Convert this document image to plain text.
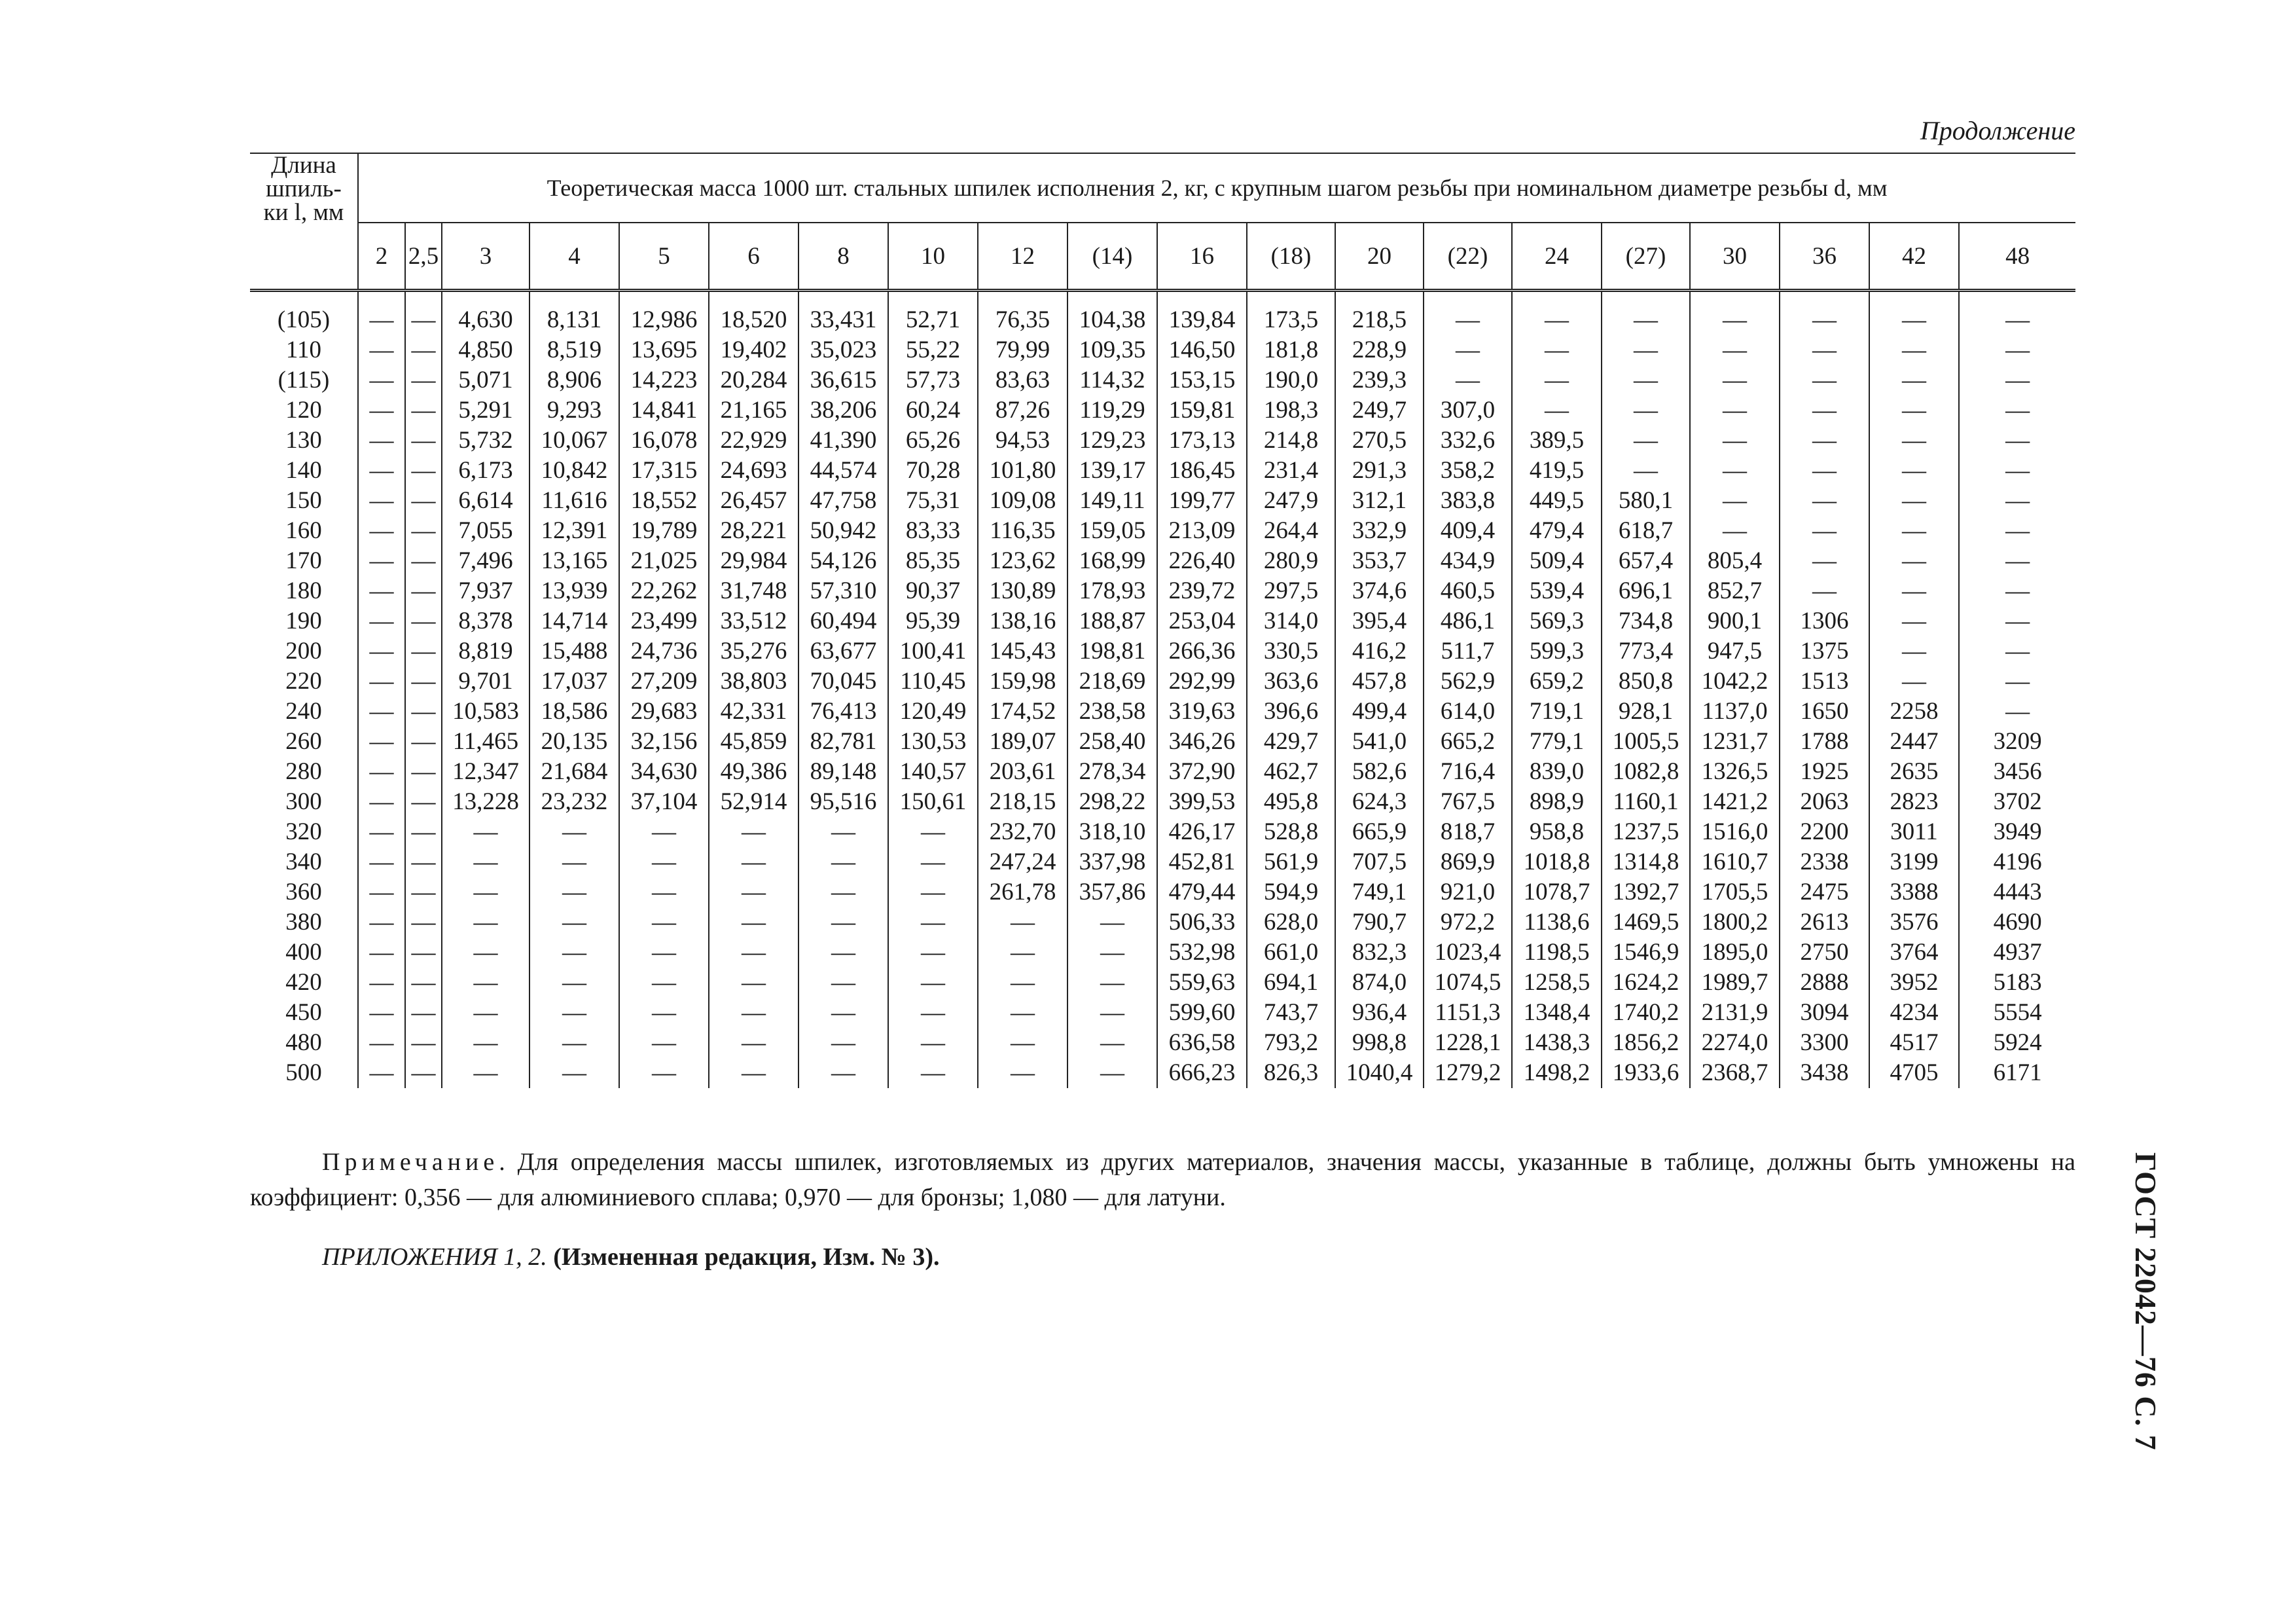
Продолжение
Длина
шпиль-
ки l, мм	Теоретическая масса 1000 шт. стальных шпилек исполнения 2, кг, с крупным шагом резьбы при номинальном диаметре резьбы d, мм																			
	2	2,5	3	4	5	6	8	10	12	(14)	16	(18)	20	(22)	24	(27)	30	36	42	48

(105)	—	—	4,630	8,131	12,986	18,520	33,431	52,71	76,35	104,38	139,84	173,5	218,5	—	—	—	—	—	—	—
110	—	—	4,850	8,519	13,695	19,402	35,023	55,22	79,99	109,35	146,50	181,8	228,9	—	—	—	—	—	—	—
(115)	—	—	5,071	8,906	14,223	20,284	36,615	57,73	83,63	114,32	153,15	190,0	239,3	—	—	—	—	—	—	—
120	—	—	5,291	9,293	14,841	21,165	38,206	60,24	87,26	119,29	159,81	198,3	249,7	307,0	—	—	—	—	—	—
130	—	—	5,732	10,067	16,078	22,929	41,390	65,26	94,53	129,23	173,13	214,8	270,5	332,6	389,5	—	—	—	—	—
140	—	—	6,173	10,842	17,315	24,693	44,574	70,28	101,80	139,17	186,45	231,4	291,3	358,2	419,5	—	—	—	—	—
150	—	—	6,614	11,616	18,552	26,457	47,758	75,31	109,08	149,11	199,77	247,9	312,1	383,8	449,5	580,1	—	—	—	—
160	—	—	7,055	12,391	19,789	28,221	50,942	83,33	116,35	159,05	213,09	264,4	332,9	409,4	479,4	618,7	—	—	—	—
170	—	—	7,496	13,165	21,025	29,984	54,126	85,35	123,62	168,99	226,40	280,9	353,7	434,9	509,4	657,4	805,4	—	—	—
180	—	—	7,937	13,939	22,262	31,748	57,310	90,37	130,89	178,93	239,72	297,5	374,6	460,5	539,4	696,1	852,7	—	—	—
190	—	—	8,378	14,714	23,499	33,512	60,494	95,39	138,16	188,87	253,04	314,0	395,4	486,1	569,3	734,8	900,1	1306	—	—
200	—	—	8,819	15,488	24,736	35,276	63,677	100,41	145,43	198,81	266,36	330,5	416,2	511,7	599,3	773,4	947,5	1375	—	—
220	—	—	9,701	17,037	27,209	38,803	70,045	110,45	159,98	218,69	292,99	363,6	457,8	562,9	659,2	850,8	1042,2	1513	—	—
240	—	—	10,583	18,586	29,683	42,331	76,413	120,49	174,52	238,58	319,63	396,6	499,4	614,0	719,1	928,1	1137,0	1650	2258	—
260	—	—	11,465	20,135	32,156	45,859	82,781	130,53	189,07	258,40	346,26	429,7	541,0	665,2	779,1	1005,5	1231,7	1788	2447	3209
280	—	—	12,347	21,684	34,630	49,386	89,148	140,57	203,61	278,34	372,90	462,7	582,6	716,4	839,0	1082,8	1326,5	1925	2635	3456
300	—	—	13,228	23,232	37,104	52,914	95,516	150,61	218,15	298,22	399,53	495,8	624,3	767,5	898,9	1160,1	1421,2	2063	2823	3702
320	—	—	—	—	—	—	—	—	232,70	318,10	426,17	528,8	665,9	818,7	958,8	1237,5	1516,0	2200	3011	3949
340	—	—	—	—	—	—	—	—	247,24	337,98	452,81	561,9	707,5	869,9	1018,8	1314,8	1610,7	2338	3199	4196
360	—	—	—	—	—	—	—	—	261,78	357,86	479,44	594,9	749,1	921,0	1078,7	1392,7	1705,5	2475	3388	4443
380	—	—	—	—	—	—	—	—	—	—	506,33	628,0	790,7	972,2	1138,6	1469,5	1800,2	2613	3576	4690
400	—	—	—	—	—	—	—	—	—	—	532,98	661,0	832,3	1023,4	1198,5	1546,9	1895,0	2750	3764	4937
420	—	—	—	—	—	—	—	—	—	—	559,63	694,1	874,0	1074,5	1258,5	1624,2	1989,7	2888	3952	5183
450	—	—	—	—	—	—	—	—	—	—	599,60	743,7	936,4	1151,3	1348,4	1740,2	2131,9	3094	4234	5554
480	—	—	—	—	—	—	—	—	—	—	636,58	793,2	998,8	1228,1	1438,3	1856,2	2274,0	3300	4517	5924
500	—	—	—	—	—	—	—	—	—	—	666,23	826,3	1040,4	1279,2	1498,2	1933,6	2368,7	3438	4705	6171
Примечание. Для определения массы шпилек, изготовляемых из других материалов, значения массы, указанные в таблице, должны быть умножены на коэффициент: 0,356 — для алюминиевого сплава; 0,970 — для бронзы; 1,080 — для латуни.
ПРИЛОЖЕНИЯ 1, 2. (Измененная редакция, Изм. № 3).	ГОСТ 22042—76 С. 7
